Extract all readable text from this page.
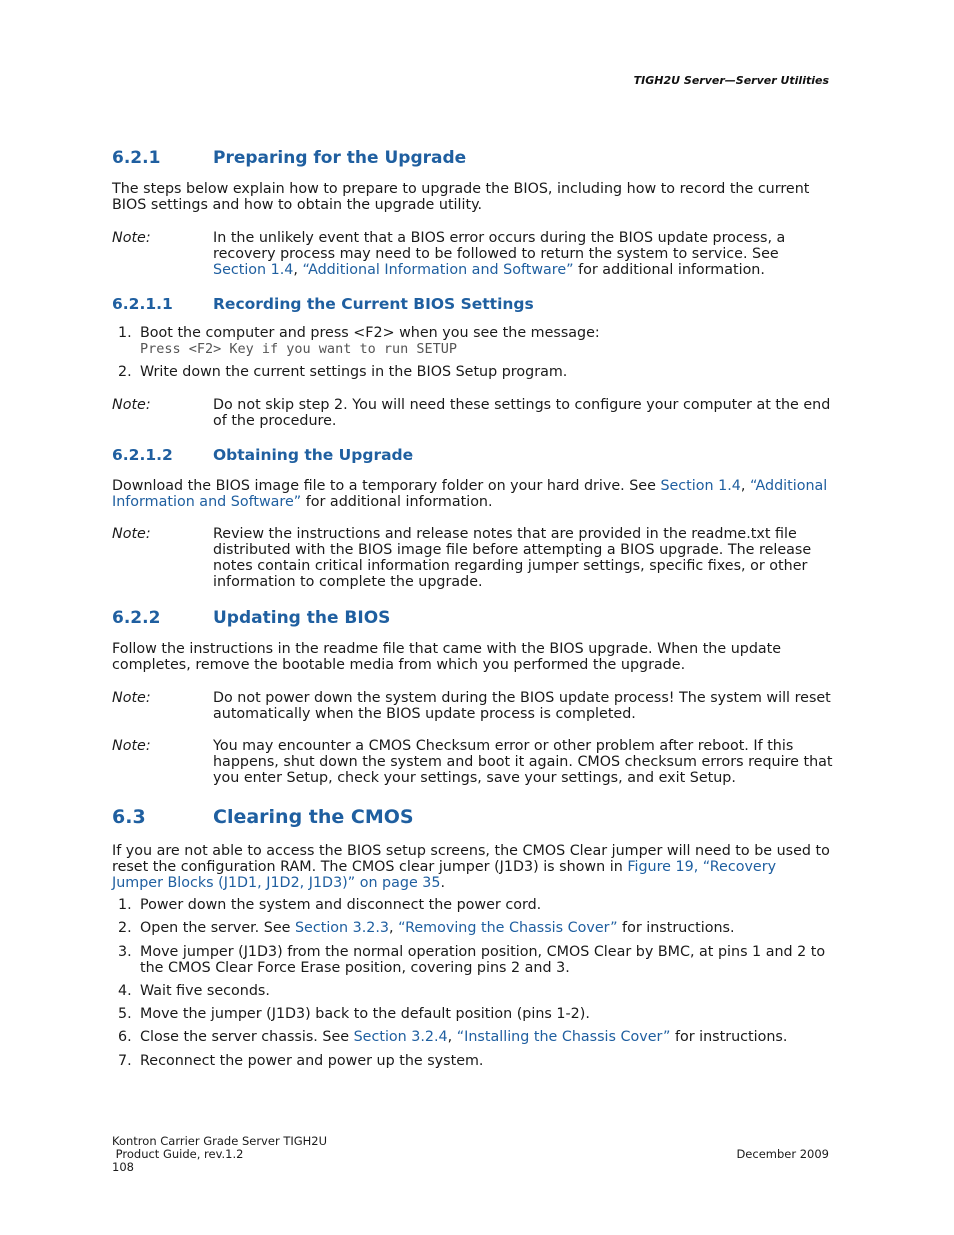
TIGH2U Server—Server Utilities
6.2.1	Preparing for the Upgrade
The steps below explain how to prepare to upgrade the BIOS, including how to record the current BIOS settings and how to obtain the upgrade utility.
Note:	In the unlikely event that a BIOS error occurs during the BIOS update process, a recovery process may need to be followed to return the system to service. See Section 1.4, “Additional Information and Software” for additional information.
6.2.1.1	Recording the Current BIOS Settings
1. Boot the computer and press <F2> when you see the message:
Press <F2> Key if you want to run SETUP
2. Write down the current settings in the BIOS Setup program.
Note:	Do not skip step 2. You will need these settings to configure your computer at the end of the procedure.
6.2.1.2	Obtaining the Upgrade
Download the BIOS image file to a temporary folder on your hard drive. See Section 1.4, “Additional Information and Software” for additional information.
Note:	Review the instructions and release notes that are provided in the readme.txt file distributed with the BIOS image file before attempting a BIOS upgrade. The release notes contain critical information regarding jumper settings, specific fixes, or other information to complete the upgrade.
6.2.2	Updating the BIOS
Follow the instructions in the readme file that came with the BIOS upgrade. When the update completes, remove the bootable media from which you performed the upgrade.
Note:	Do not power down the system during the BIOS update process! The system will reset automatically when the BIOS update process is completed.
Note:	You may encounter a CMOS Checksum error or other problem after reboot. If this happens, shut down the system and boot it again. CMOS checksum errors require that you enter Setup, check your settings, save your settings, and exit Setup.
6.3	Clearing the CMOS
If you are not able to access the BIOS setup screens, the CMOS Clear jumper will need to be used to reset the configuration RAM. The CMOS clear jumper (J1D3) is shown in Figure 19, “Recovery Jumper Blocks (J1D1, J1D2, J1D3)” on page 35.
1. Power down the system and disconnect the power cord.
2. Open the server. See Section 3.2.3, “Removing the Chassis Cover” for instructions.
3. Move jumper (J1D3) from the normal operation position, CMOS Clear by BMC, at pins 1 and 2 to the CMOS Clear Force Erase position, covering pins 2 and 3.
4. Wait five seconds.
5. Move the jumper (J1D3) back to the default position (pins 1-2).
6. Close the server chassis. See Section 3.2.4, “Installing the Chassis Cover” for instructions.
7. Reconnect the power and power up the system.
Kontron Carrier Grade Server TIGH2U
Product Guide, rev.1.2
108
December 2009
